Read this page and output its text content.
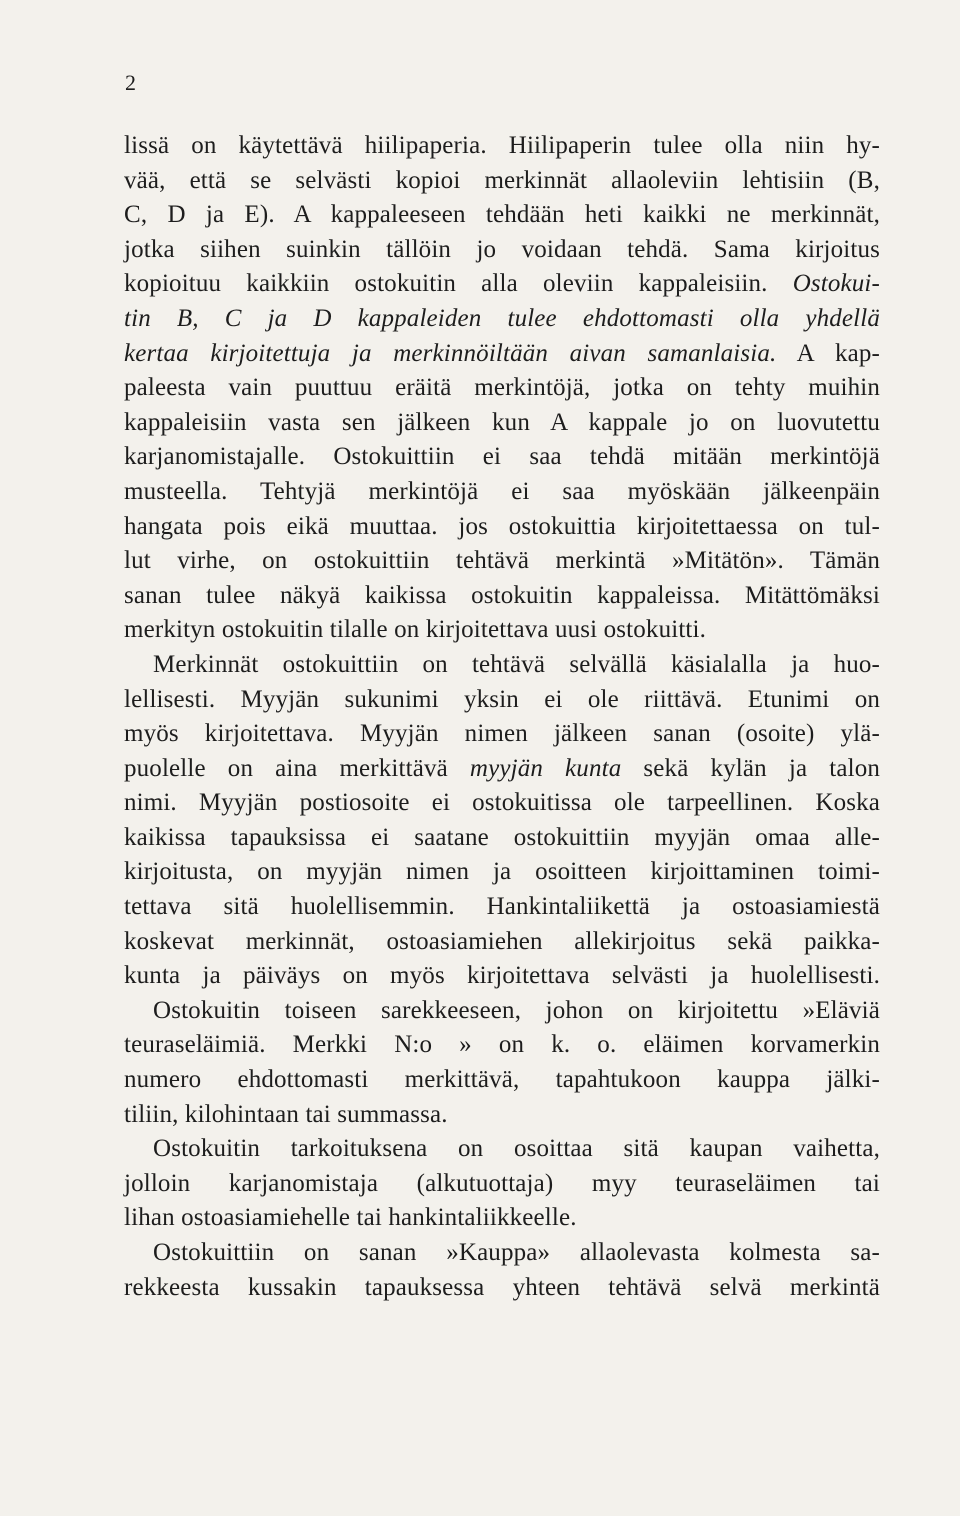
2
lissä on käytettävä hiilipaperia. Hiilipaperin tulee olla niin hy-
vää, että se selvästi kopioi merkinnät allaoleviin lehtisiin (B,
C, D ja E). A kappaleeseen tehdään heti kaikki ne merkinnät,
jotka siihen suinkin tällöin jo voidaan tehdä. Sama kirjoitus
kopioituu kaikkiin ostokuitin alla oleviin kappaleisiin. Ostokui-
tin B, C ja D kappaleiden tulee ehdottomasti olla yhdellä
kertaa kirjoitettuja ja merkinnöiltään aivan samanlaisia. A kap-
paleesta vain puuttuu eräitä merkintöjä, jotka on tehty muihin
kappaleisiin vasta sen jälkeen kun A kappale jo on luovutettu
karjanomistajalle. Ostokuittiin ei saa tehdä mitään merkintöjä
musteella. Tehtyjä merkintöjä ei saa myöskään jälkeenpäin
hangata pois eikä muuttaa. jos ostokuittia kirjoitettaessa on tul-
lut virhe, on ostokuittiin tehtävä merkintä »Mitätön». Tämän
sanan tulee näkyä kaikissa ostokuitin kappaleissa. Mitättömäksi
merkityn ostokuitin tilalle on kirjoitettava uusi ostokuitti.
Merkinnät ostokuittiin on tehtävä selvällä käsialalla ja huo-
lellisesti. Myyjän sukunimi yksin ei ole riittävä. Etunimi on
myös kirjoitettava. Myyjän nimen jälkeen sanan (osoite) ylä-
puolelle on aina merkittävä myyjän kunta sekä kylän ja talon
nimi. Myyjän postiosoite ei ostokuitissa ole tarpeellinen. Koska
kaikissa tapauksissa ei saatane ostokuittiin myyjän omaa alle-
kirjoitusta, on myyjän nimen ja osoitteen kirjoittaminen toimi-
tettava sitä huolellisemmin. Hankintaliikettä ja ostoasiamiestä
koskevat merkinnät, ostoasiamiehen allekirjoitus sekä paikka-
kunta ja päiväys on myös kirjoitettava selvästi ja huolellisesti.
Ostokuitin toiseen sarekkeeseen, johon on kirjoitettu »Eläviä
teuraseläimiä. Merkki N:o » on k. o. eläimen korvamerkin
numero ehdottomasti merkittävä, tapahtukoon kauppa jälki-
tiliin, kilohintaan tai summassa.
Ostokuitin tarkoituksena on osoittaa sitä kaupan vaihetta,
jolloin karjanomistaja (alkutuottaja) myy teuraseläimen tai
lihan ostoasiamiehelle tai hankintaliikkeelle.
Ostokuittiin on sanan »Kauppa» allaolevasta kolmesta sa-
rekkeesta kussakin tapauksessa yhteen tehtävä selvä merkintä
